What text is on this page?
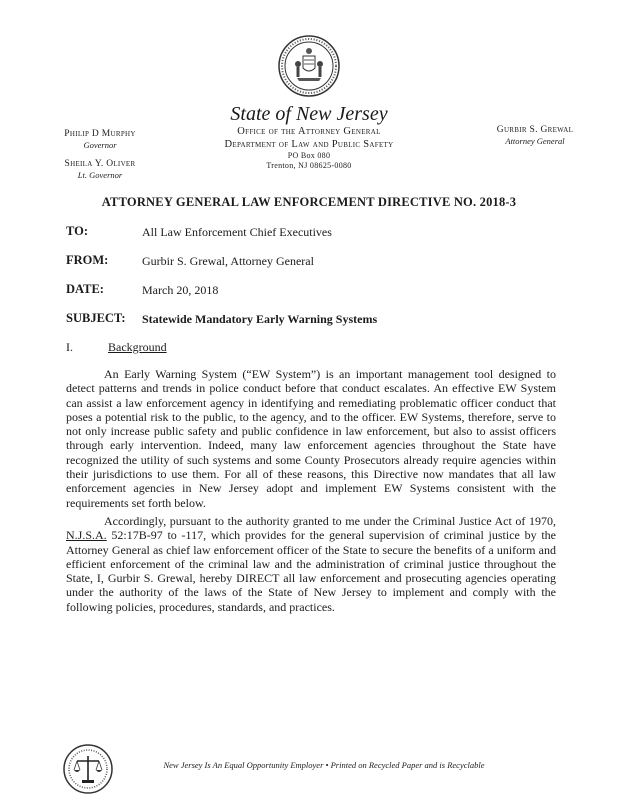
State of New Jersey
Office of the Attorney General
Department of Law and Public Safety
PO Box 080
Trenton, NJ 08625-0080
Philip D Murphy
Governor
Sheila Y. Oliver
Lt. Governor
Gurbir S. Grewal
Attorney General
ATTORNEY GENERAL LAW ENFORCEMENT DIRECTIVE NO. 2018-3
TO:	All Law Enforcement Chief Executives
FROM:	Gurbir S. Grewal, Attorney General
DATE:	March 20, 2018
SUBJECT: Statewide Mandatory Early Warning Systems
I.	Background
An Early Warning System (“EW System”) is an important management tool designed to detect patterns and trends in police conduct before that conduct escalates. An effective EW System can assist a law enforcement agency in identifying and remediating problematic officer conduct that poses a potential risk to the public, to the agency, and to the officer. EW Systems, therefore, serve to not only increase public safety and public confidence in law enforcement, but also to assist officers through early intervention. Indeed, many law enforcement agencies throughout the State have recognized the utility of such systems and some County Prosecutors already require agencies within their jurisdictions to use them. For all of these reasons, this Directive now mandates that all law enforcement agencies in New Jersey adopt and implement EW Systems consistent with the requirements set forth below.
Accordingly, pursuant to the authority granted to me under the Criminal Justice Act of 1970, N.J.S.A. 52:17B-97 to -117, which provides for the general supervision of criminal justice by the Attorney General as chief law enforcement officer of the State to secure the benefits of a uniform and efficient enforcement of the criminal law and the administration of criminal justice throughout the State, I, Gurbir S. Grewal, hereby DIRECT all law enforcement and prosecuting agencies operating under the authority of the laws of the State of New Jersey to implement and comply with the following policies, procedures, standards, and practices.
New Jersey Is An Equal Opportunity Employer • Printed on Recycled Paper and is Recyclable
